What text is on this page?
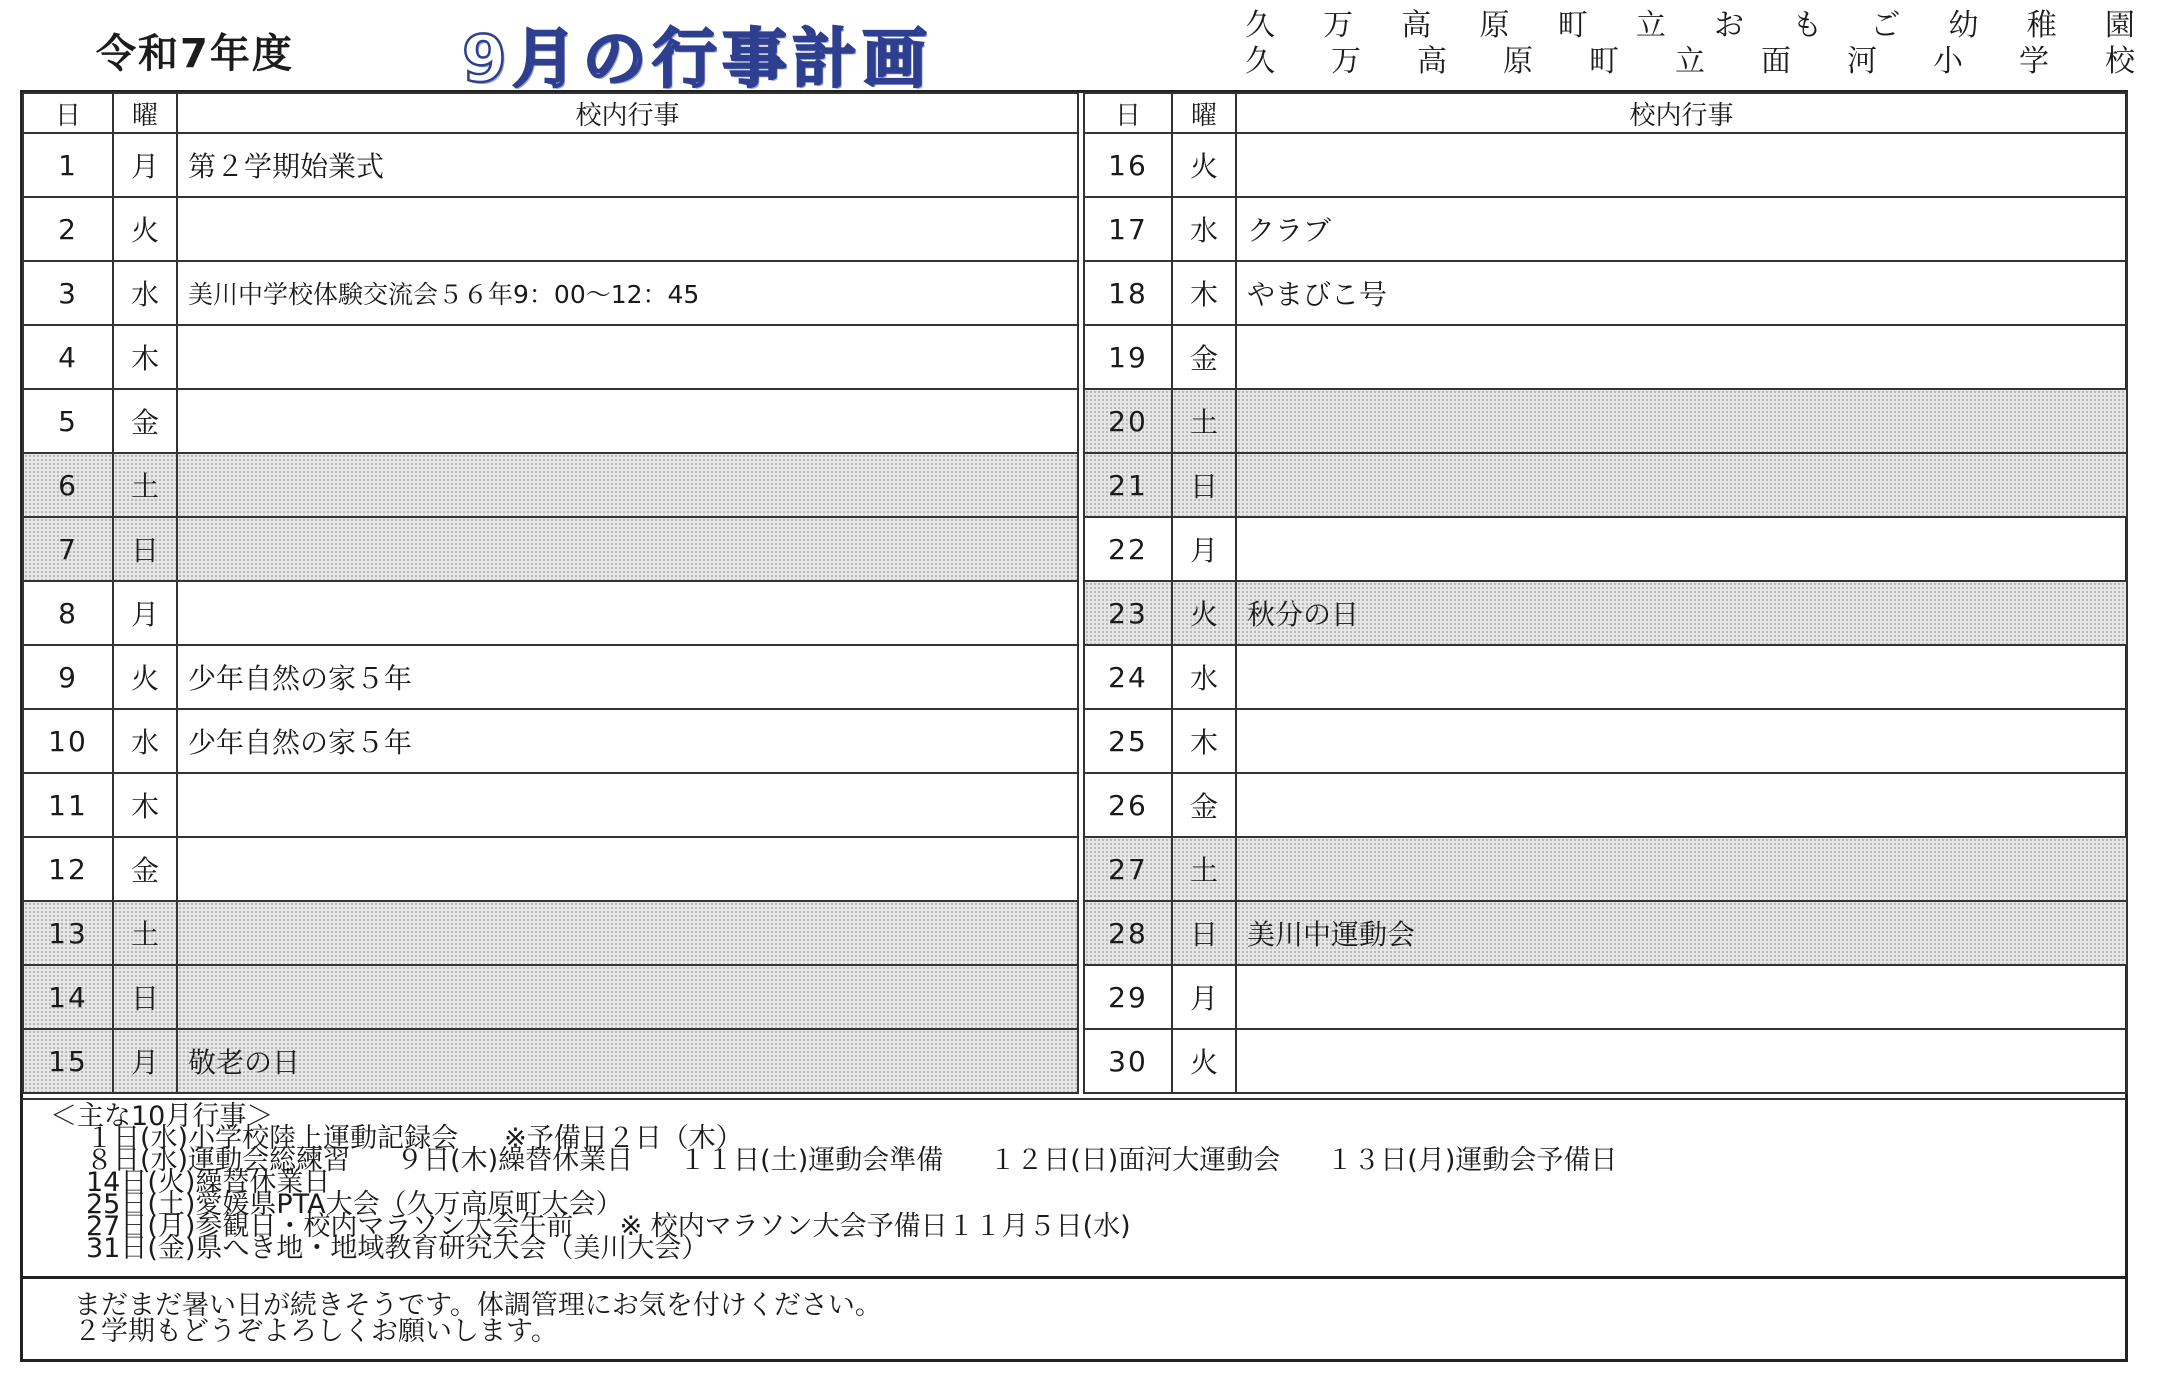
令和7年度	9月の行事計画	久 万 高 原 町 立 お も ご 幼 稚 園
久 万 高 原 町 立 面 河 小 学 校
日	曜	校内行事
1	月	第２学期始業式
2	火	
3	水	美川中学校体験交流会５６年9：00～12：45
4	木	
5	金	
6	土	
7	日	
8	月	
9	火	少年自然の家５年
10	水	少年自然の家５年
11	木	
12	金	
13	土	
14	日	
15	月	敬老の日
日	曜	校内行事
16	火	
17	水	クラブ
18	木	やまびこ号
19	金	
20	土	
21	日	
22	月	
23	火	秋分の日
24	水	
25	木	
26	金	
27	土	
28	日	美川中運動会
29	月	
30	火	
＜主な10月行事＞
１日(水)小学校陸上運動記録会 ※予備日２日（木）
８日(水)運動会総練習 ９日(木)繰替休業日 １１日(土)運動会準備 １２日(日)面河大運動会 １３日(月)運動会予備日
14日(火)繰替休業日
25日(土)愛媛県PTA大会（久万高原町大会）
27日(月)参観日・校内マラソン大会午前 ※ 校内マラソン大会予備日１１月５日(水)
31日(金)県へき地・地域教育研究大会（美川大会）
まだまだ暑い日が続きそうです。体調管理にお気を付けください。
２学期もどうぞよろしくお願いします。
